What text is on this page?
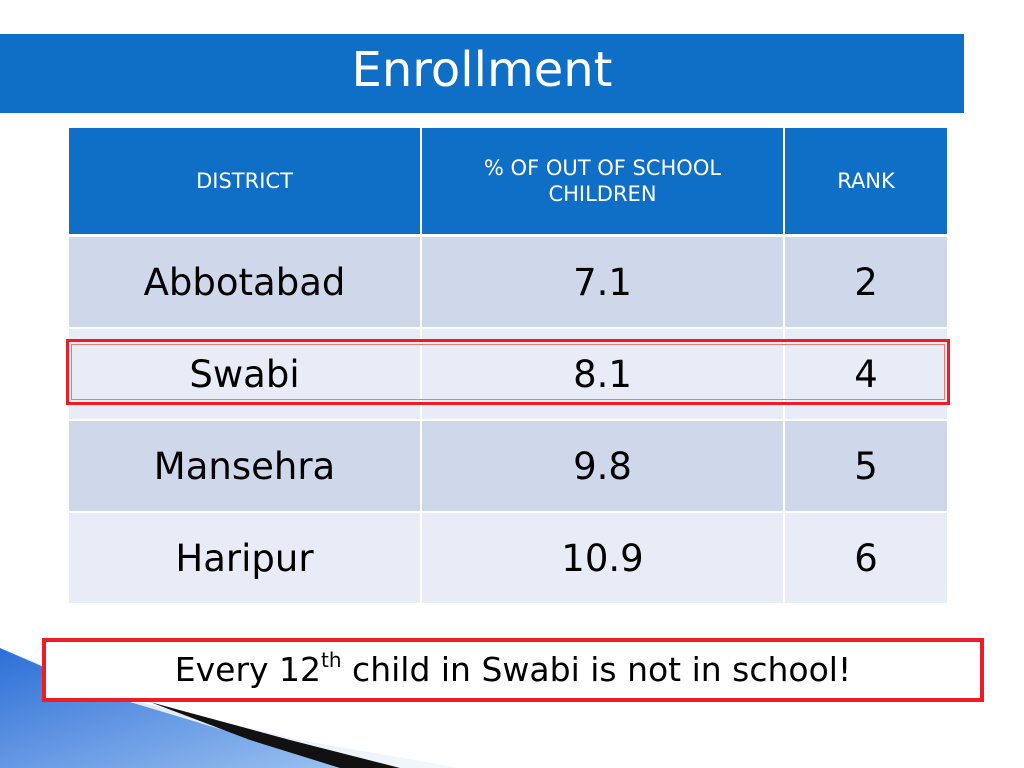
Enrollment
DISTRICT	% OF OUT OF SCHOOL CHILDREN	RANK
Abbotabad	7.1	2
Swabi	8.1	4
Mansehra	9.8	5
Haripur	10.9	6
Every 12th child in Swabi is not in school!
